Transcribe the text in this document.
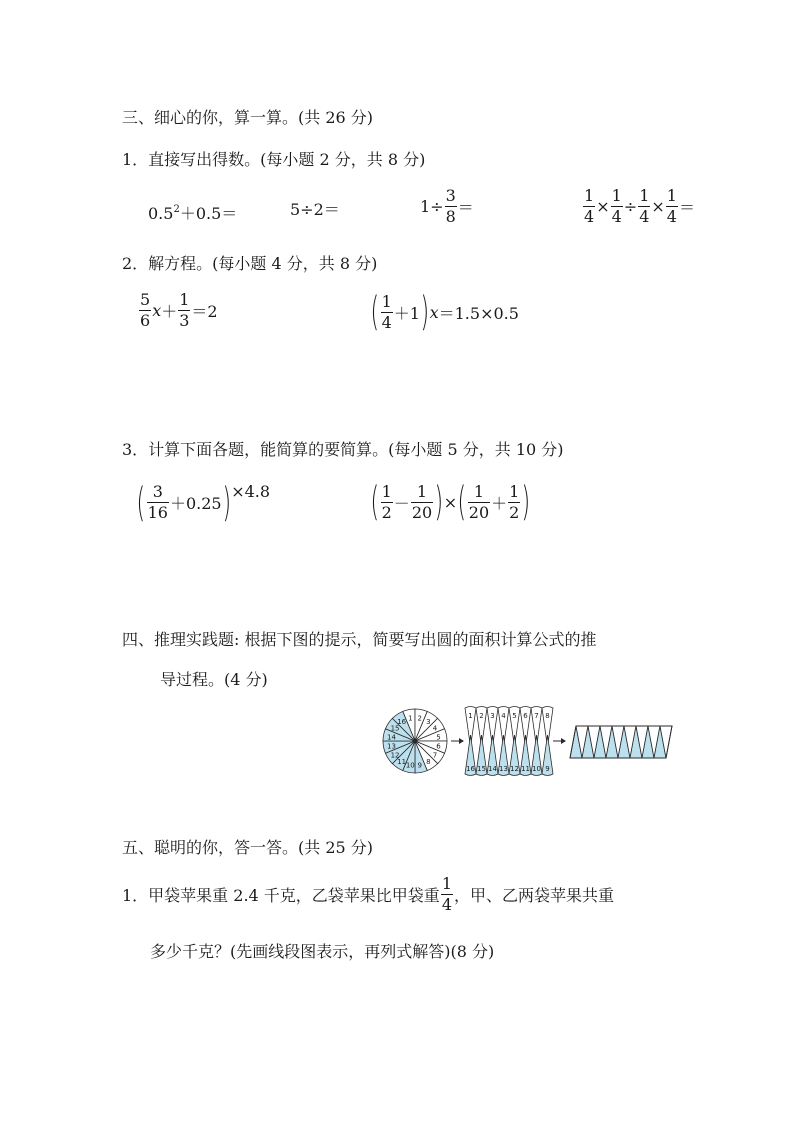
三、细心的你，算一算。(共 26 分)
1．直接写出得数。(每小题 2 分，共 8 分)
$0.5^2+0.5=$	5÷2＝	$1\div \frac{3}{8}$ ＝	$\frac{1}{4} \times \frac{1}{4} \div \frac{1}{4} \times \frac{1}{4}$ ＝
2．解方程。(每小题 4 分，共 8 分)
$\frac{5}{6} x+ \frac{1}{3} =2$	( $\frac{1}{4} +1)x=1.5\times 0.5$
3．计算下面各题，能简算的要简算。(每小题 5 分，共 10 分)
( $\frac{3}{16} +0.25)\times 4.8$	( $\frac{1}{2} - \frac{1}{20}$ )×( $\frac{1}{20} + \frac{1}{2}$ )
四、推理实践题: 根据下图的提示，简要写出圆的面积计算公式的推
导过程。(4 分)
1 2 3
4
5
6
7
8
9
10
11
12
13
14
15
16
1
16
2
15
3
14
4
13
5
12
6
11
7
10
8
9
五、聪明的你，答一答。(共 25 分)
1．甲袋苹果重 2.4 千克，乙袋苹果比甲袋重 $\frac{1}{4}$ ，甲、乙两袋苹果共重
多少千克？(先画线段图表示，再列式解答)(8 分)
